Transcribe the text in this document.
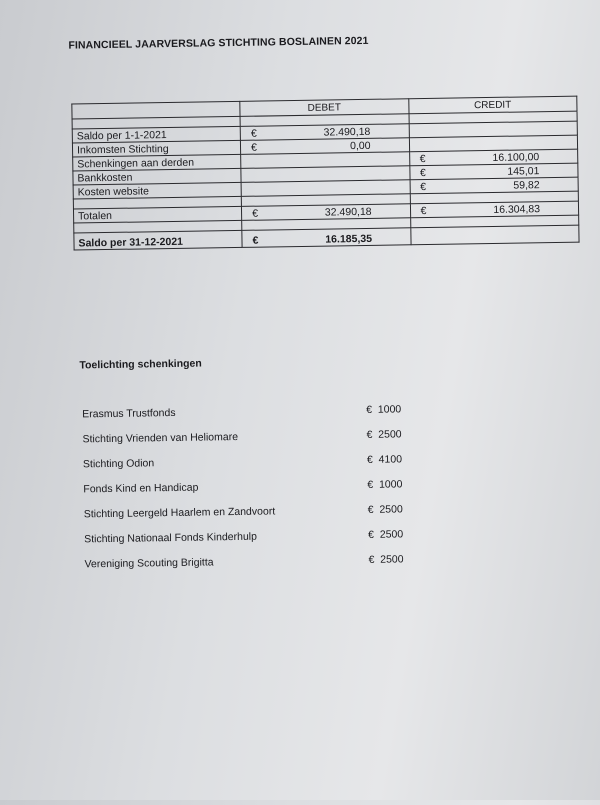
FINANCIEEL JAARVERSLAG STICHTING BOSLAINEN 2021
	DEBET	CREDIT

Saldo per 1-1-2021	€ 32.490,18	

Inkomsten Stichting	€ 0,00	

Schenkingen aan derden		€ 16.100,00

Bankkosten		€ 145,01

Kosten website		€ 59,82

Totalen	€ 32.490,18	€ 16.304,83

Saldo per 31-12-2021	€ 16.185,35	

Toelichting schenkingen
Erasmus Trustfonds	€ 1000
Stichting Vrienden van Heliomare	€ 2500
Stichting Odion	€ 4100
Fonds Kind en Handicap	€ 1000
Stichting Leergeld Haarlem en Zandvoort	€ 2500
Stichting Nationaal Fonds Kinderhulp	€ 2500
Vereniging Scouting Brigitta	€ 2500
